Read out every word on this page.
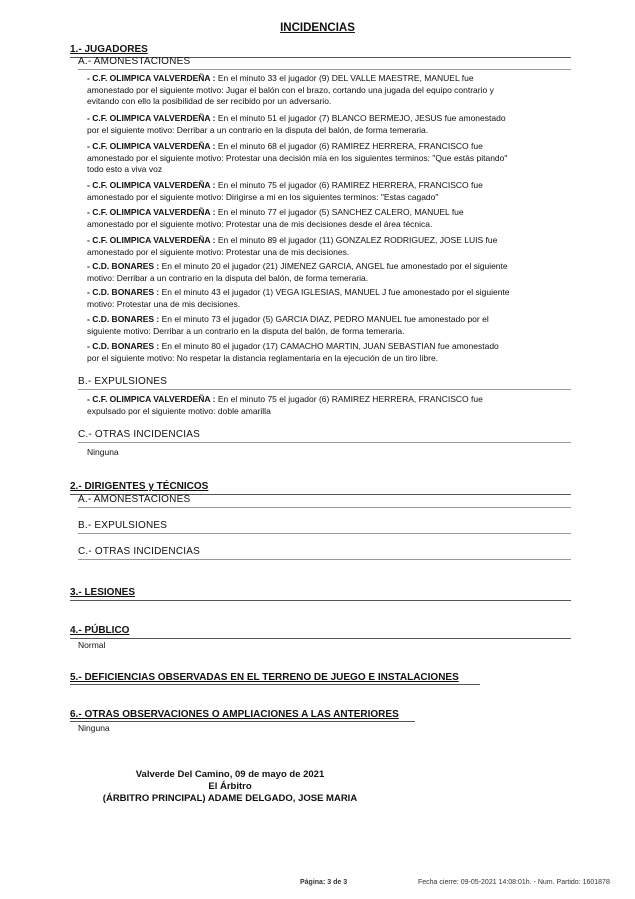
INCIDENCIAS
1.- JUGADORES
A.- AMONESTACIONES
- C.F. OLIMPICA VALVERDEÑA : En el minuto 33 el jugador (9) DEL VALLE MAESTRE, MANUEL fue
amonestado por el siguiente motivo: Jugar el balón con el brazo, cortando una jugada del equipo contrario y
evitando con ello la posibilidad de ser recibido por un adversario.
- C.F. OLIMPICA VALVERDEÑA : En el minuto 51 el jugador (7) BLANCO BERMEJO, JESUS fue amonestado
por el siguiente motivo: Derribar a un contrario en la disputa del balón, de forma temeraria.
- C.F. OLIMPICA VALVERDEÑA : En el minuto 68 el jugador (6) RAMIREZ HERRERA, FRANCISCO fue
amonestado por el siguiente motivo: Protestar una decisión mía en los siguientes terminos: "Que estás pitando"
todo esto a viva voz
- C.F. OLIMPICA VALVERDEÑA : En el minuto 75 el jugador (6) RAMIREZ HERRERA, FRANCISCO fue
amonestado por el siguiente motivo: Dirigirse a mi en los siguientes terminos: "Estas cagado"
- C.F. OLIMPICA VALVERDEÑA : En el minuto 77 el jugador (5) SANCHEZ CALERO, MANUEL fue
amonestado por el siguiente motivo: Protestar una de mis decisiones desde el área técnica.
- C.F. OLIMPICA VALVERDEÑA : En el minuto 89 el jugador (11) GONZALEZ RODRIGUEZ, JOSE LUIS fue
amonestado por el siguiente motivo: Protestar una de mis decisiones.
- C.D. BONARES : En el minuto 20 el jugador (21) JIMENEZ GARCIA, ANGEL fue amonestado por el siguiente
motivo: Derribar a un contrario en la disputa del balón, de forma temeraria.
- C.D. BONARES : En el minuto 43 el jugador (1) VEGA IGLESIAS, MANUEL J fue amonestado por el siguiente
motivo: Protestar una de mis decisiones.
- C.D. BONARES : En el minuto 73 el jugador (5) GARCIA DIAZ, PEDRO MANUEL fue amonestado por el
siguiente motivo: Derribar a un contrario en la disputa del balón, de forma temeraria.
- C.D. BONARES : En el minuto 80 el jugador (17) CAMACHO MARTIN, JUAN SEBASTIAN fue amonestado
por el siguiente motivo: No respetar la distancia reglamentaria en la ejecución de un tiro libre.
B.- EXPULSIONES
- C.F. OLIMPICA VALVERDEÑA : En el minuto 75 el jugador (6) RAMIREZ HERRERA, FRANCISCO fue
expulsado por el siguiente motivo: doble amarilla
C.- OTRAS INCIDENCIAS
Ninguna
2.- DIRIGENTES y TÉCNICOS
A.- AMONESTACIONES
B.- EXPULSIONES
C.- OTRAS INCIDENCIAS
3.- LESIONES
4.- PÚBLICO
Normal
5.- DEFICIENCIAS OBSERVADAS EN EL TERRENO DE JUEGO E INSTALACIONES
6.- OTRAS OBSERVACIONES O AMPLIACIONES A LAS ANTERIORES
Ninguna
Valverde Del Camino, 09 de mayo de 2021
El Árbitro
(ÁRBITRO PRINCIPAL) ADAME DELGADO, JOSE MARIA
Página: 3 de 3	Fecha cierre: 09-05-2021 14:08:01h. - Num. Partido: 1601878
